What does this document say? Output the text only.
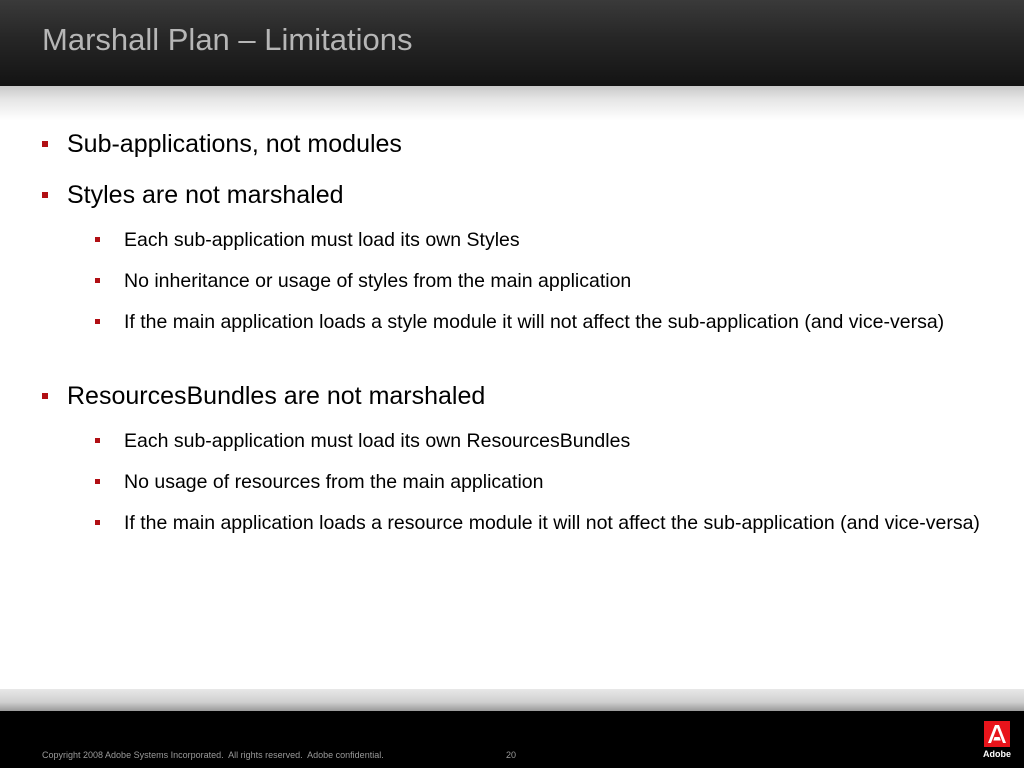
Marshall Plan – Limitations
Sub-applications, not modules
Styles are not marshaled
Each sub-application must load its own Styles
No inheritance or usage of styles from the main application
If the main application loads a style module it will not affect the sub-application (and vice-versa)
ResourcesBundles are not marshaled
Each sub-application must load its own ResourcesBundles
No usage of resources from the main application
If the main application loads a resource module it will not affect the sub-application (and vice-versa)
Copyright 2008 Adobe Systems Incorporated.  All rights reserved.  Adobe confidential.	20	Adobe
